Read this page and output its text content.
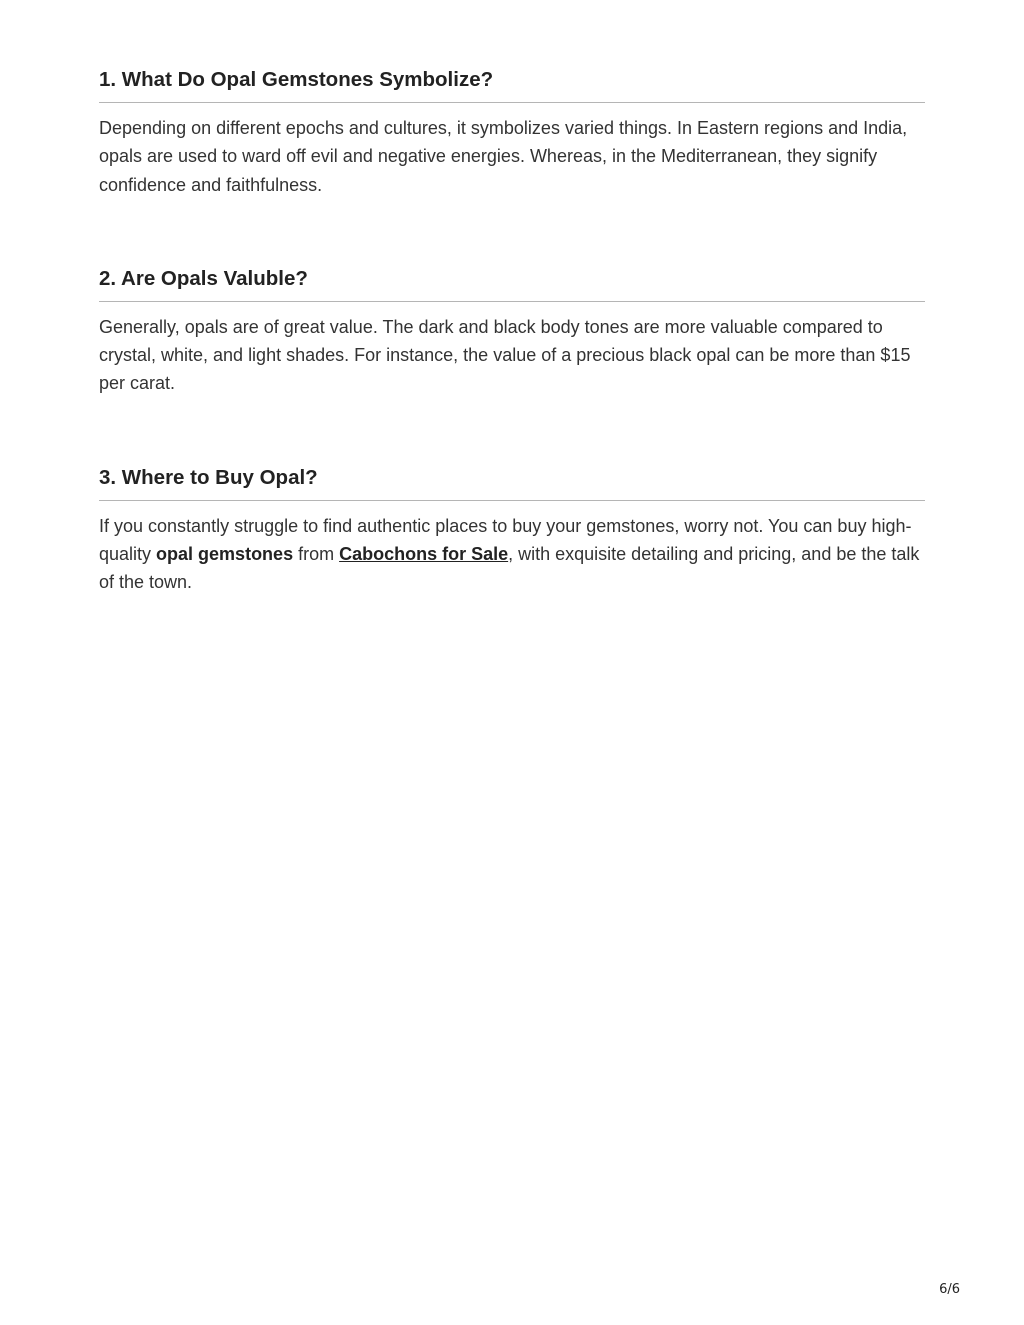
1. What Do Opal Gemstones Symbolize?

Depending on different epochs and cultures, it symbolizes varied things. In Eastern regions and India, opals are used to ward off evil and negative energies. Whereas, in the Mediterranean, they signify confidence and faithfulness.

2. Are Opals Valuble?

Generally, opals are of great value. The dark and black body tones are more valuable compared to crystal, white, and light shades. For instance, the value of a precious black opal can be more than $15 per carat.

3. Where to Buy Opal?

If you constantly struggle to find authentic places to buy your gemstones, worry not. You can buy high-quality opal gemstones from Cabochons for Sale, with exquisite detailing and pricing, and be the talk of the town.

6/6
